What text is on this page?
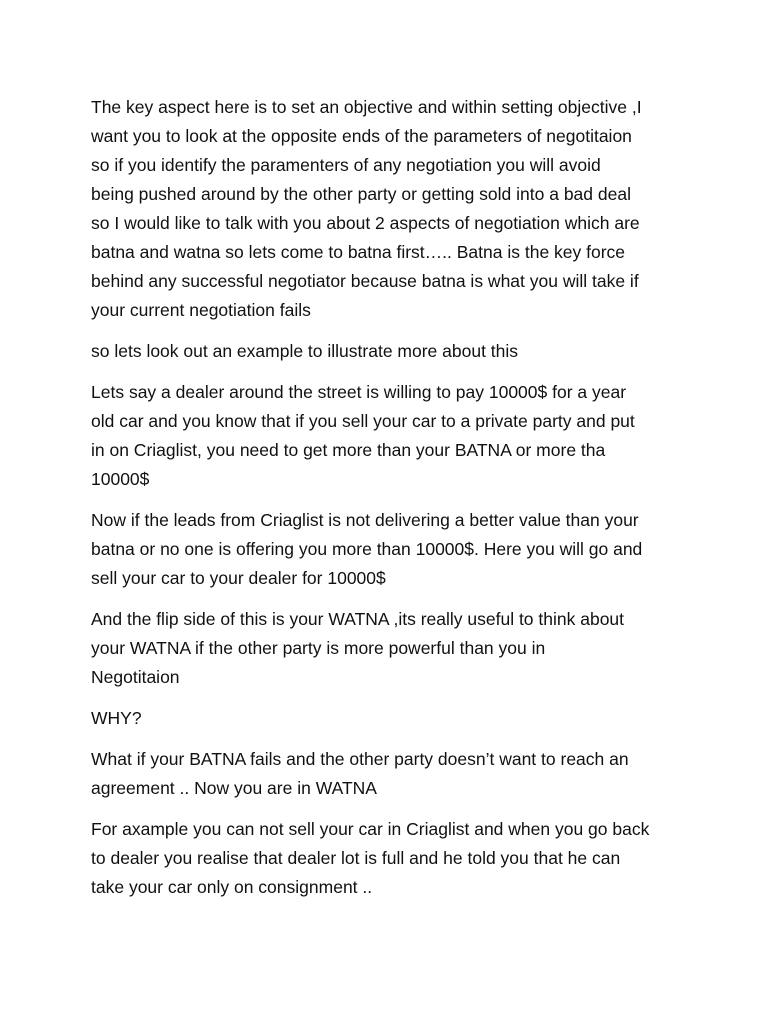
The key aspect here is to set an objective and within setting objective ,I
want you to look at the opposite ends of the parameters of negotitaion
so if you identify the paramenters of any negotiation you will avoid
being pushed around by the other party or getting sold into a bad deal
so I would like to talk with you about 2 aspects of negotiation which are
batna and watna so lets come to batna first….. Batna is the key force
behind any successful negotiator because batna is what you will take if
your current negotiation fails

so lets look out an example to illustrate more about this

Lets say a dealer around the street is willing to pay 10000$ for a year
old car and you know that if you sell your car to a private party and put
in on Criaglist, you need to get more than your BATNA or more tha
10000$

Now if the leads from Criaglist is not delivering a better value than your
batna or no one is offering you more than 10000$. Here you will go and
sell your car to your dealer for 10000$

And the flip side of this is your WATNA ,its really useful to think about
your WATNA if the other party is more powerful than you in
Negotitaion

WHY?

What if your BATNA fails and the other party doesn’t want to reach an
agreement .. Now you are in WATNA

For axample you can not sell your car in Criaglist and when you go back
to dealer you realise that dealer lot is full and he told you that he can
take your car only on consignment ..
